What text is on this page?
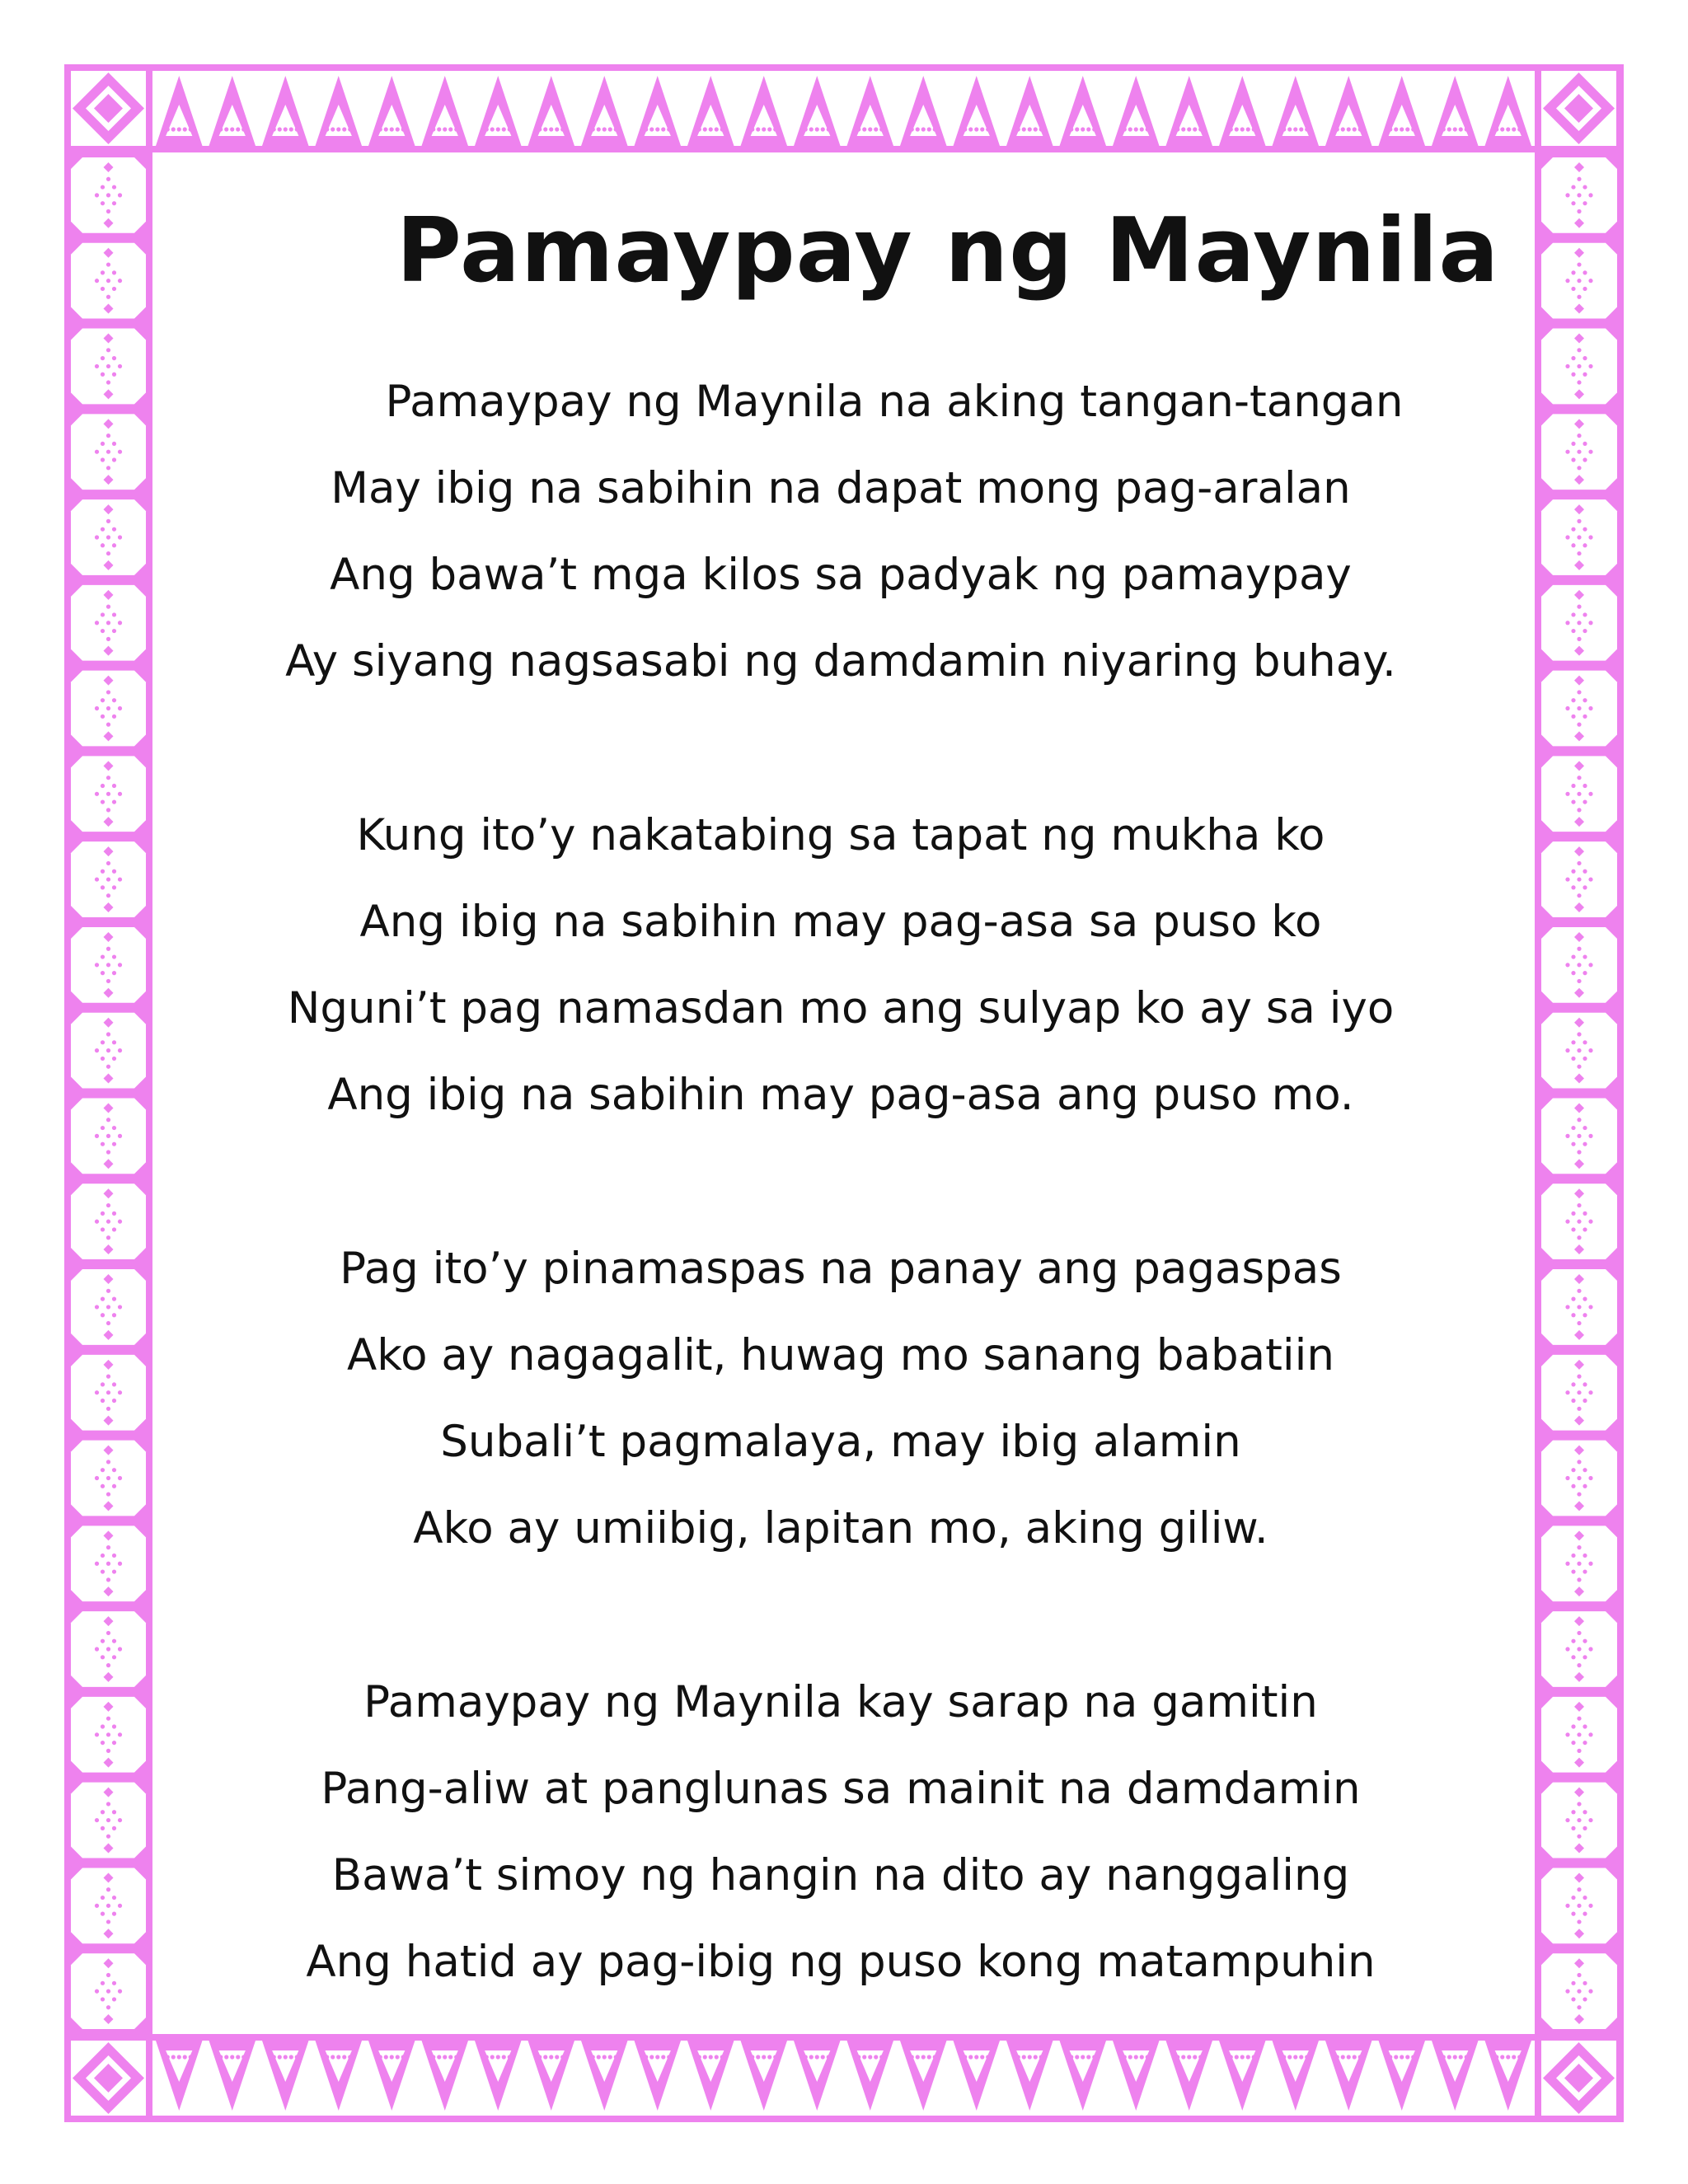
Pamaypay ng Maynila
Pamaypay ng Maynila na aking tangan-tangan
May ibig na sabihin na dapat mong pag-aralan
Ang bawa’t mga kilos sa padyak ng pamaypay
Ay siyang nagsasabi ng damdamin niyaring buhay.
Kung ito’y nakatabing sa tapat ng mukha ko
Ang ibig na sabihin may pag-asa sa puso ko
Nguni’t pag namasdan mo ang sulyap ko ay sa iyo
Ang ibig na sabihin may pag-asa ang puso mo.
Pag ito’y pinamaspas na panay ang pagaspas
Ako ay nagagalit, huwag mo sanang babatiin
Subali’t pagmalaya, may ibig alamin
Ako ay umiibig, lapitan mo, aking giliw.
Pamaypay ng Maynila kay sarap na gamitin
Pang-aliw at panglunas sa mainit na damdamin
Bawa’t simoy ng hangin na dito ay nanggaling
Ang hatid ay pag-ibig ng puso kong matampuhin
